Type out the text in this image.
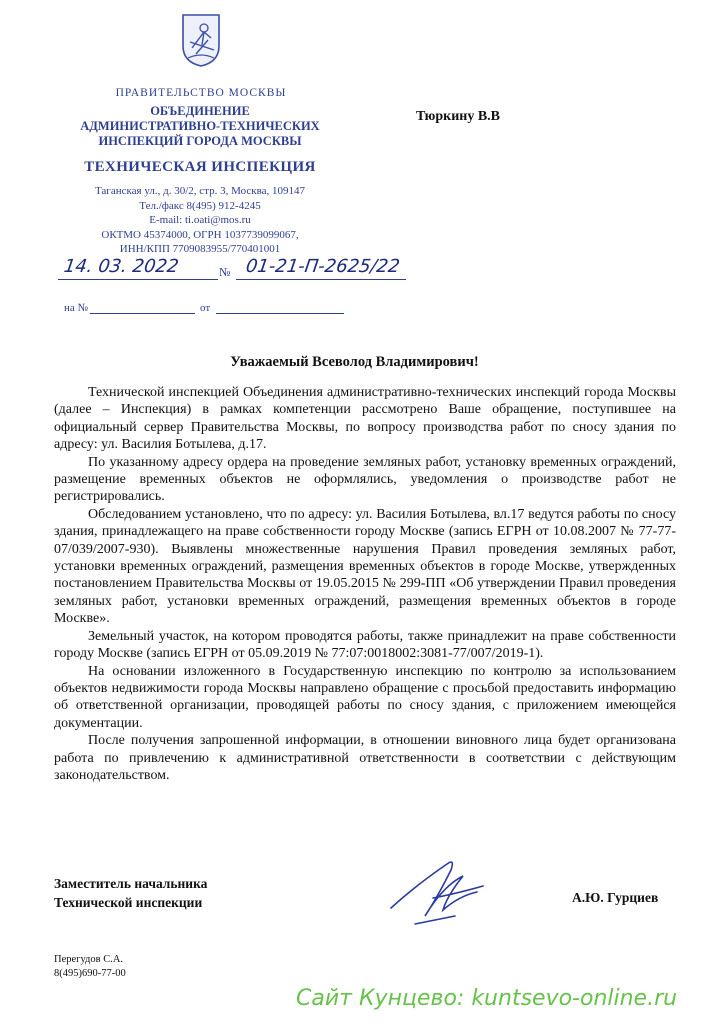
ПРАВИТЕЛЬСТВО МОСКВЫ
ОБЪЕДИНЕНИЕ
АДМИНИСТРАТИВНО-ТЕХНИЧЕСКИХ
ИНСПЕКЦИЙ ГОРОДА МОСКВЫ
ТЕХНИЧЕСКАЯ ИНСПЕКЦИЯ
Таганская ул., д. 30/2, стр. 3, Москва, 109147
Тел./факс 8(495) 912-4245
E-mail: ti.oati@mos.ru
ОКТМО 45374000, ОГРН 1037739099067,
ИНН/КПП 7709083955/770401001
Тюркину В.В
14. 03. 2022	№ 01-21-П-2625/22
на №	от
Уважаемый Всеволод Владимирович!

Технической инспекцией Объединения административно-технических инспекций города Москвы (далее – Инспекция) в рамках компетенции рассмотрено Ваше обращение, поступившее на официальный сервер Правительства Москвы, по вопросу производства работ по сносу здания по адресу: ул. Василия Ботылева, д.17.

По указанному адресу ордера на проведение земляных работ, установку временных ограждений, размещение временных объектов не оформлялись, уведомления о производстве работ не регистрировались.

Обследованием установлено, что по адресу: ул. Василия Ботылева, вл.17 ведутся работы по сносу здания, принадлежащего на праве собственности городу Москве (запись ЕГРН от 10.08.2007 № 77-77-07/039/2007-930). Выявлены множественные нарушения Правил проведения земляных работ, установки временных ограждений, размещения временных объектов в городе Москве, утвержденных постановлением Правительства Москвы от 19.05.2015 № 299-ПП «Об утверждении Правил проведения земляных работ, установки временных ограждений, размещения временных объектов в городе Москве».

Земельный участок, на котором проводятся работы, также принадлежит на праве собственности городу Москве (запись ЕГРН от 05.09.2019 № 77:07:0018002:3081-77/007/2019-1).

На основании изложенного в Государственную инспекцию по контролю за использованием объектов недвижимости города Москвы направлено обращение с просьбой предоставить информацию об ответственной организации, проводящей работы по сносу здания, с приложением имеющейся документации.

После получения запрошенной информации, в отношении виновного лица будет организована работа по привлечению к административной ответственности в соответствии с действующим законодательством.

Заместитель начальника
Технической инспекции	А.Ю. Гурциев
Перегудов С.А.
8(495)690-77-00
Сайт Кунцево: kuntsevo-online.ru
